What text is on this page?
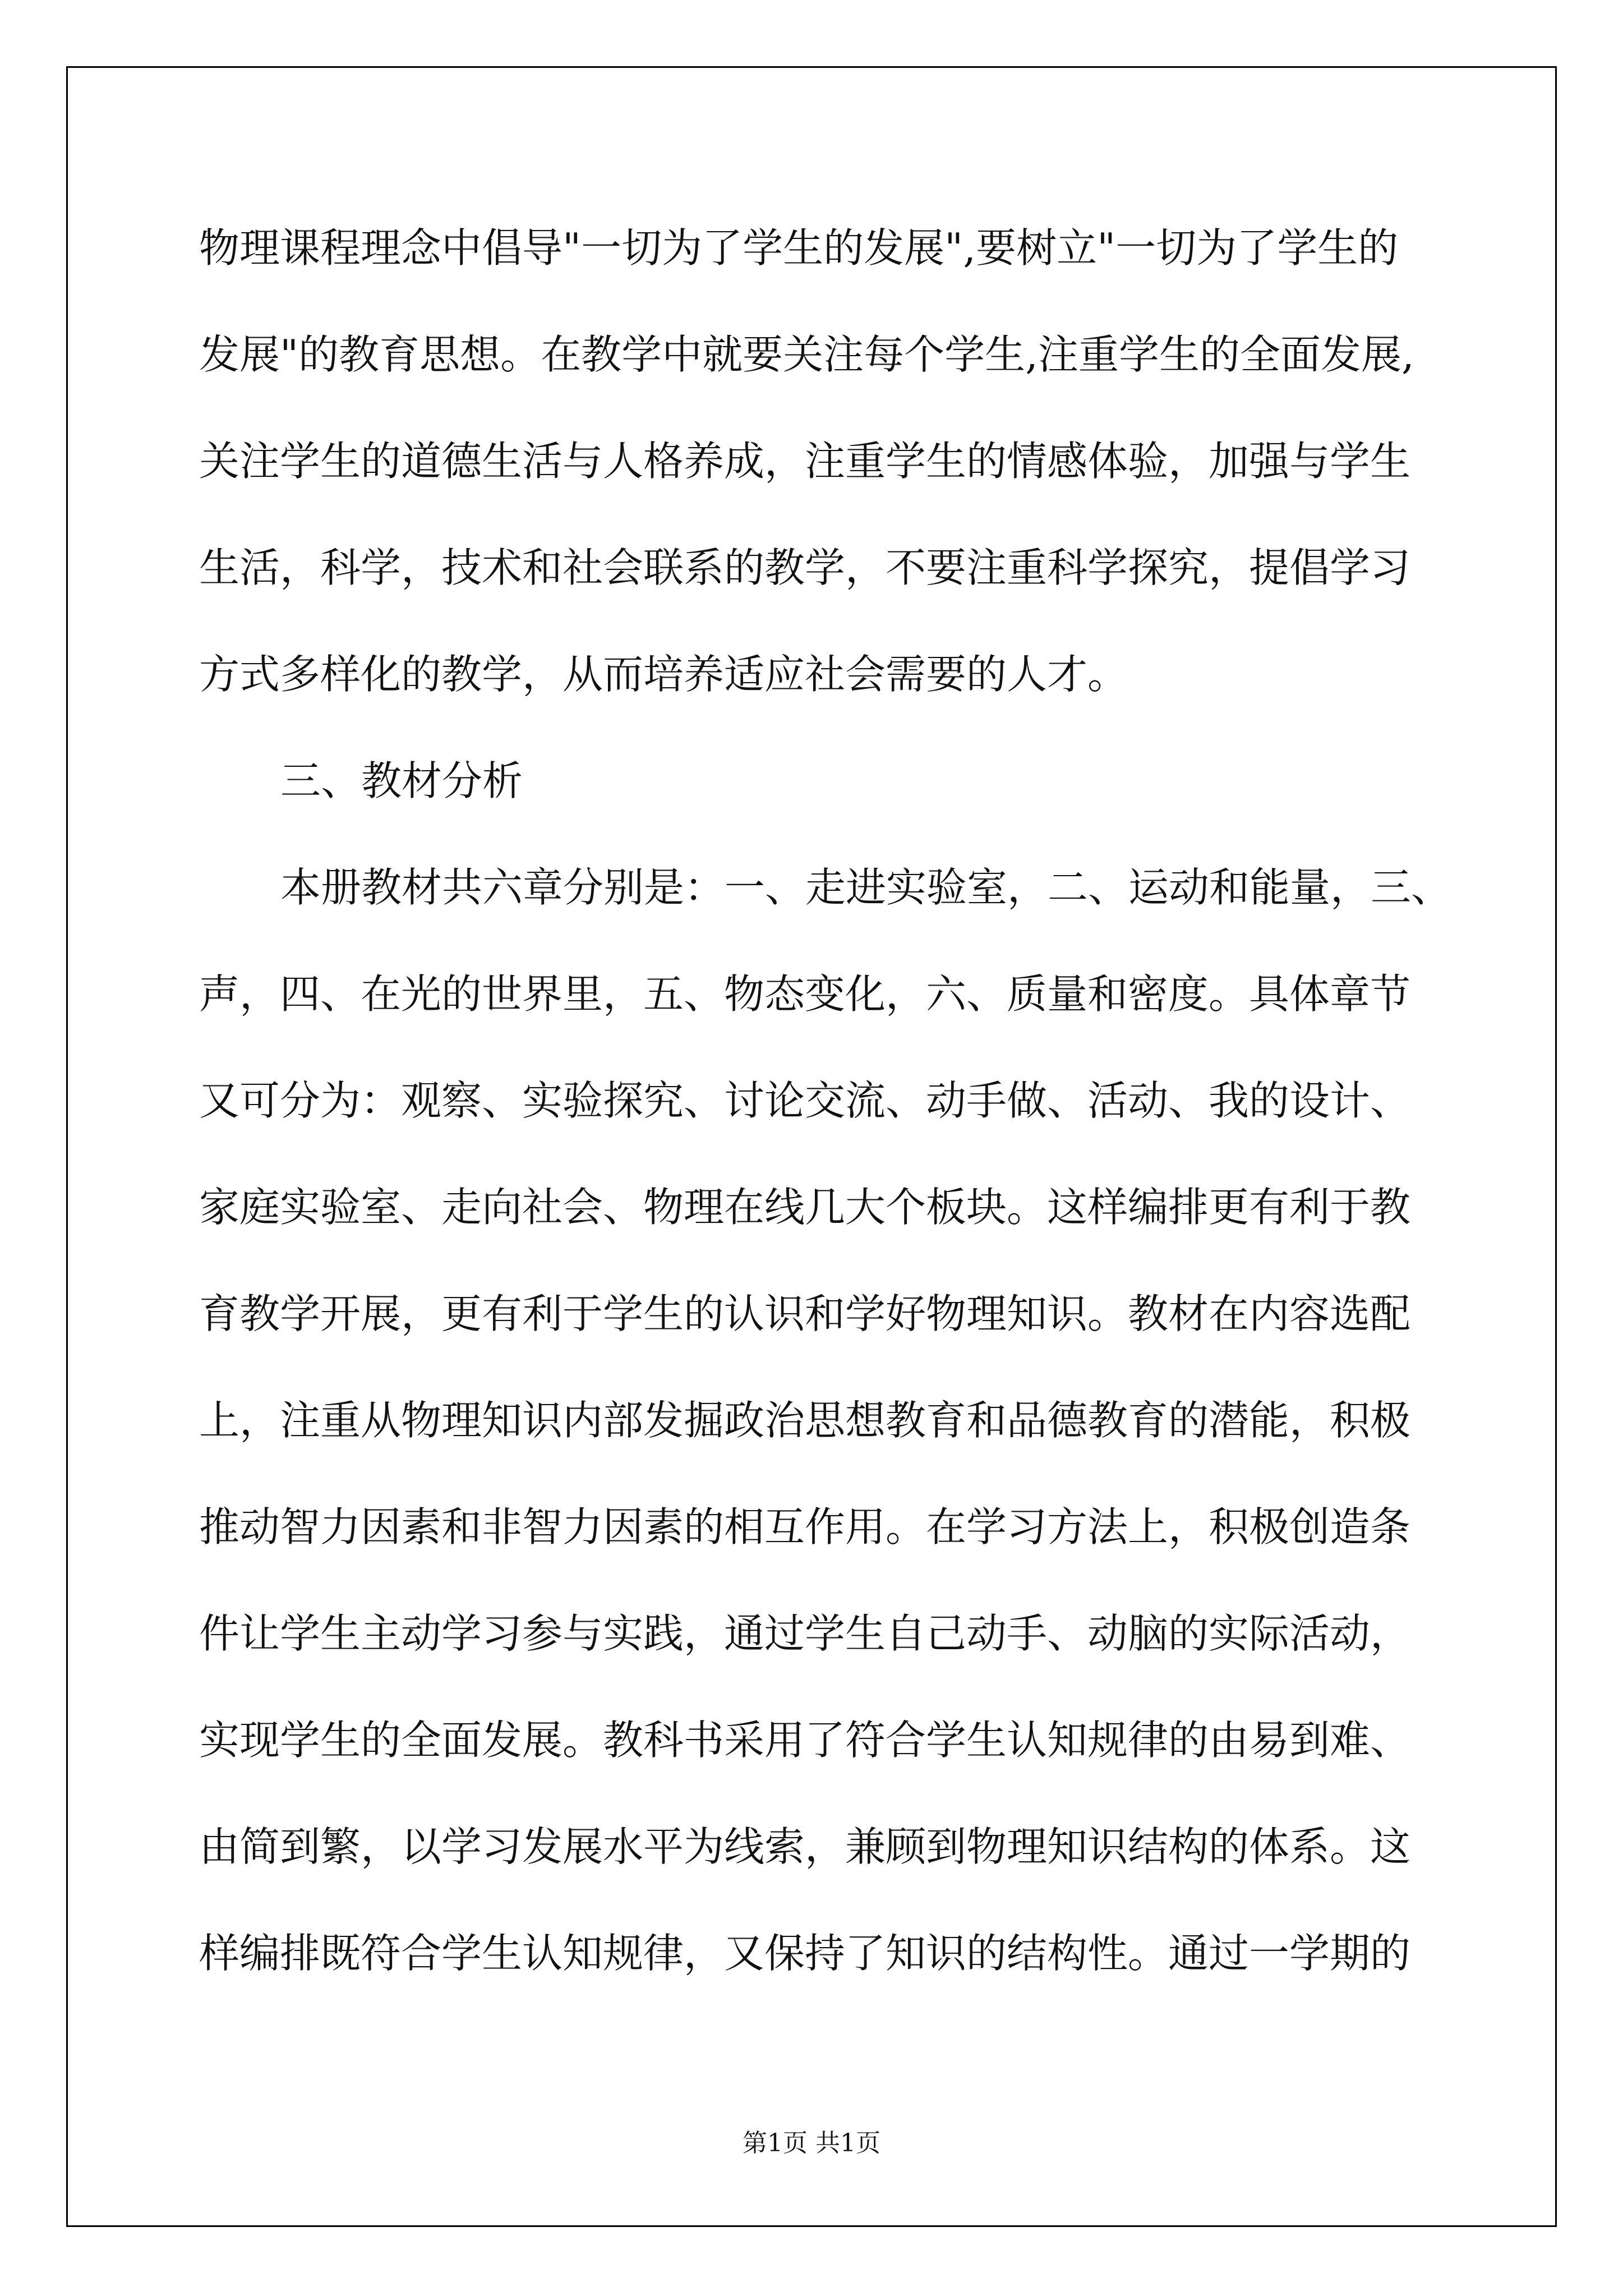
物理课程理念中倡导"一切为了学生的发展",要树立"一切为了学生的

发展"的教育思想。在教学中就要关注每个学生,注重学生的全面发展,

关注学生的道德生活与人格养成，注重学生的情感体验，加强与学生

生活，科学，技术和社会联系的教学，不要注重科学探究，提倡学习

方式多样化的教学，从而培养适应社会需要的人才。

三、教材分析

本册教材共六章分别是：一、走进实验室，二、运动和能量，三、

声，四、在光的世界里，五、物态变化，六、质量和密度。具体章节

又可分为：观察、实验探究、讨论交流、动手做、活动、我的设计、

家庭实验室、走向社会、物理在线几大个板块。这样编排更有利于教

育教学开展，更有利于学生的认识和学好物理知识。教材在内容选配

上，注重从物理知识内部发掘政治思想教育和品德教育的潜能，积极

推动智力因素和非智力因素的相互作用。在学习方法上，积极创造条

件让学生主动学习参与实践，通过学生自己动手、动脑的实际活动，

实现学生的全面发展。教科书采用了符合学生认知规律的由易到难、

由简到繁，以学习发展水平为线索，兼顾到物理知识结构的体系。这

样编排既符合学生认知规律，又保持了知识的结构性。通过一学期的

第1页 共1页
